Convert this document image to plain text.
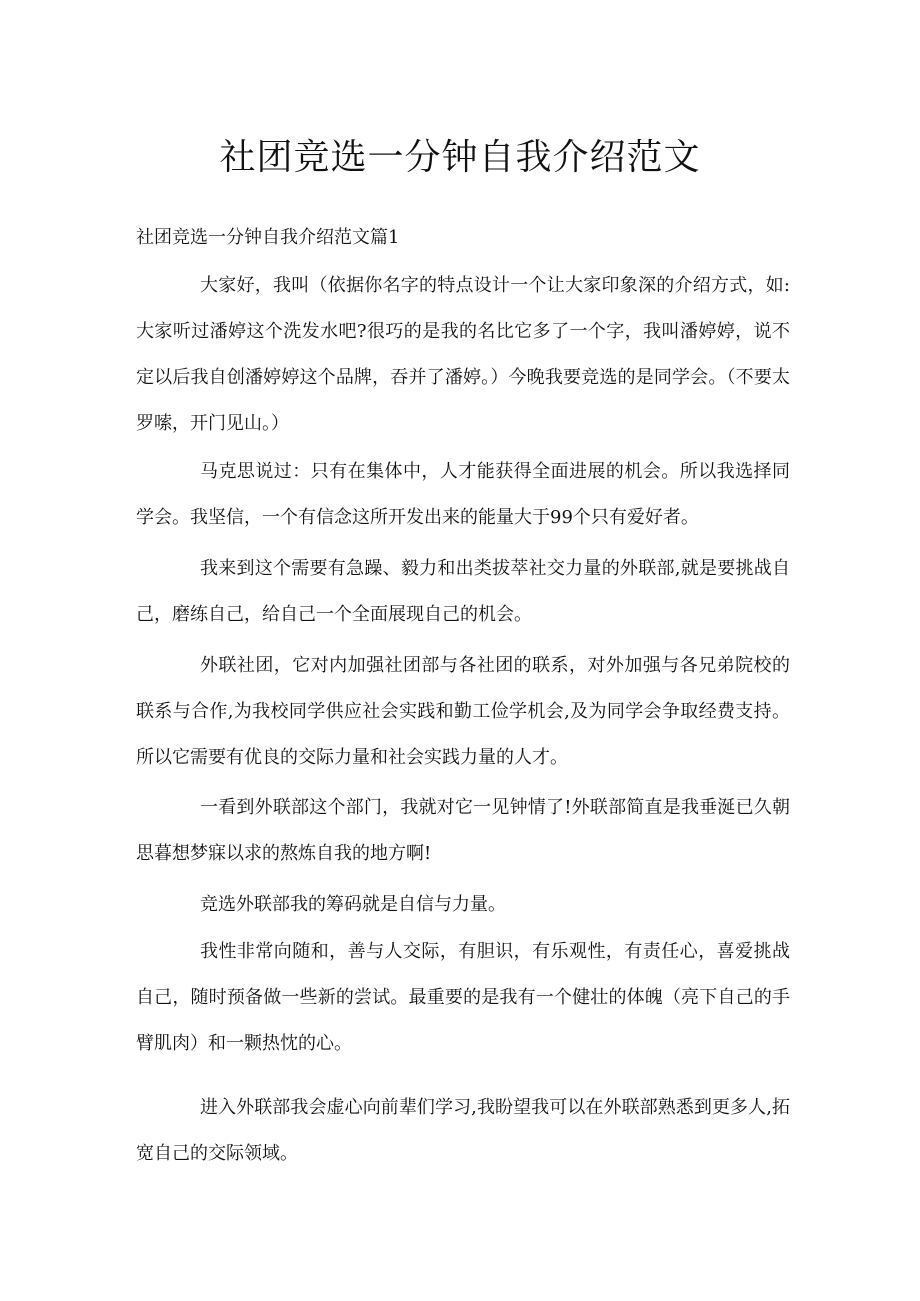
社团竞选一分钟自我介绍范文

社团竞选一分钟自我介绍范文篇1

大家好，我叫（依据你名字的特点设计一个让大家印象深的介绍方式，如:大家听过潘婷这个洗发水吧?很巧的是我的名比它多了一个字，我叫潘婷婷，说不定以后我自创潘婷婷这个品牌，吞并了潘婷。）今晚我要竞选的是同学会。（不要太罗嗦，开门见山。）

马克思说过：只有在集体中，人才能获得全面进展的机会。所以我选择同学会。我坚信，一个有信念这所开发出来的能量大于99个只有爱好者。

我来到这个需要有急躁、毅力和出类拔萃社交力量的外联部,就是要挑战自己，磨练自己，给自己一个全面展现自己的机会。

外联社团，它对内加强社团部与各社团的联系，对外加强与各兄弟院校的联系与合作,为我校同学供应社会实践和勤工俭学机会,及为同学会争取经费支持。所以它需要有优良的交际力量和社会实践力量的人才。

一看到外联部这个部门，我就对它一见钟情了!外联部简直是我垂涎已久朝思暮想梦寐以求的熬炼自我的地方啊!

竞选外联部我的筹码就是自信与力量。

我性非常向随和，善与人交际，有胆识，有乐观性，有责任心，喜爱挑战自己，随时预备做一些新的尝试。最重要的是我有一个健壮的体魄（亮下自己的手臂肌肉）和一颗热忱的心。

进入外联部我会虚心向前辈们学习,我盼望我可以在外联部熟悉到更多人,拓宽自己的交际领域。
